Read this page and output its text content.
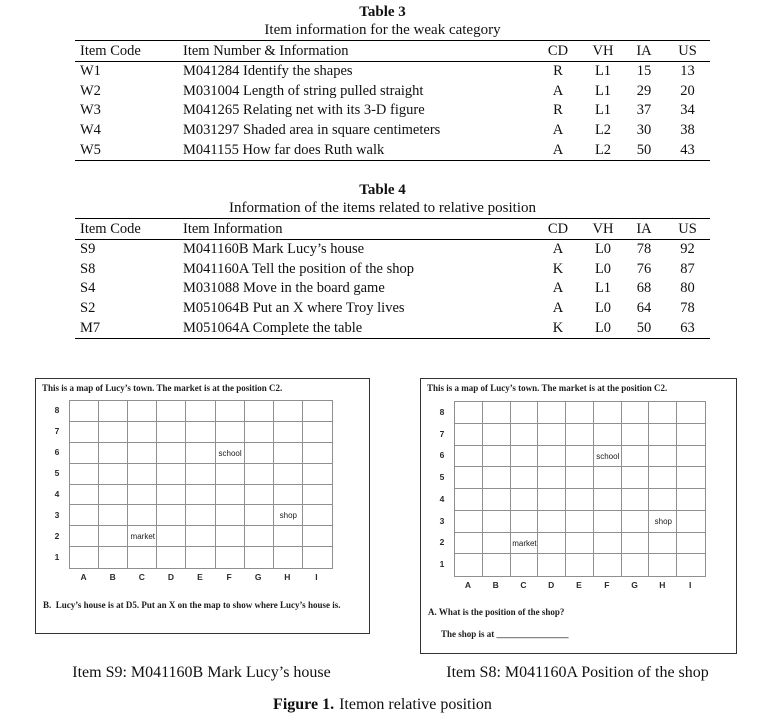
Table 3
Item information for the weak category
Item Code	Item Number & Information	CD	VH	IA	US
W1	M041284 Identify the shapes	R	L1	15	13
W2	M031004 Length of string pulled straight	A	L1	29	20
W3	M041265 Relating net with its 3-D figure	R	L1	37	34
W4	M031297 Shaded area in square centimeters	A	L2	30	38
W5	M041155 How far does Ruth walk	A	L2	50	43
Table 4
Information of the items related to relative position
Item Code	Item Information	CD	VH	IA	US
S9	M041160B Mark Lucy’s house	A	L0	78	92
S8	M041160A Tell the position of the shop	K	L0	76	87
S4	M031088 Move in the board game	A	L1	68	80
S2	M051064B Put an X where Troy lives	A	L0	64	78
M7	M051064A Complete the table	K	L0	50	63
This is a map of Lucy’s town. The market is at the position C2.
8
7
6
5
4
3
2
1
school
shop
market
A	B	C	D	E	F	G	H	I
B.  Lucy’s house is at D5. Put an X on the map to show where Lucy’s house is.
This is a map of Lucy’s town. The market is at the position C2.
8
7
6
5
4
3
2
1
school
shop
market
A	B	C	D	E	F	G	H	I
A. What is the position of the shop?
The shop is at ________________
Item S9: M041160B Mark Lucy’s house	Item S8: M041160A Position of the shop
Figure 1. Itemon relative position
